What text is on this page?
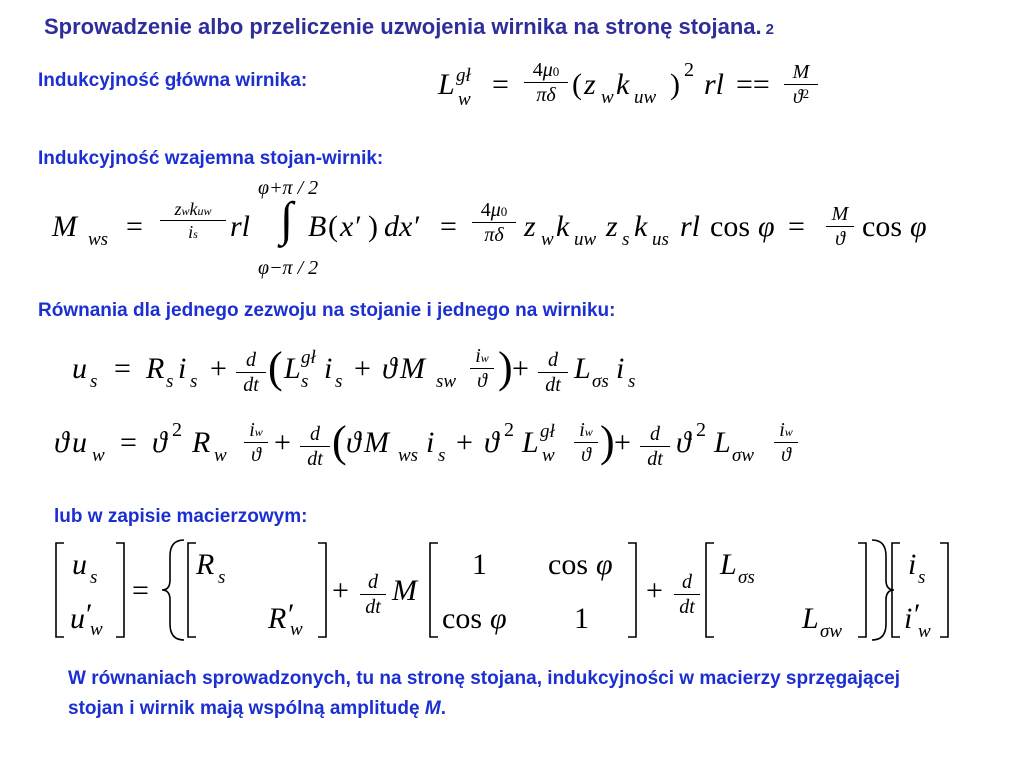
Sprowadzenie albo przeliczenie uzwojenia wirnika na stronę stojana. 2
Indukcyjność główna wirnika:
Indukcyjność wzajemna stojan-wirnik:
Równania dla jednego zezwoju na stojanie i jednego na wirniku:
lub w zapisie macierzowym:
L gł
w =	4μ0
πδ ( z w k uw ) 2 rl ==	M
$ϑ^2$
M ws =
zwkuw
is	rl
φ+π / 2
∫
φ−π / 2
B ( x′ ) dx′ =	4μ0
πδ z w k uw z s k us rl cos φ = M
ϑ cos φ
u s = R s i s + d
dt ( L gł
s i s + ϑ M sw
iw
ϑ ) + d
dt L σs i s
ϑ u w = ϑ 2 R w
iw
ϑ + d
dt ( ϑ M ws i s + ϑ 2 L gł
w
iw
ϑ ) + d
dt ϑ 2 L σw
iw
ϑ
u s
u ′
w
=
R s
R ′
w
+ d
dt M
1 cos φ
cos φ 1
+ d
dt
L σs
L σw
i s
i ′
w
W równaniach sprowadzonych, tu na stronę stojana, indukcyjności w macierzy sprzęgającej stojan i wirnik mają wspólną amplitudę M.
